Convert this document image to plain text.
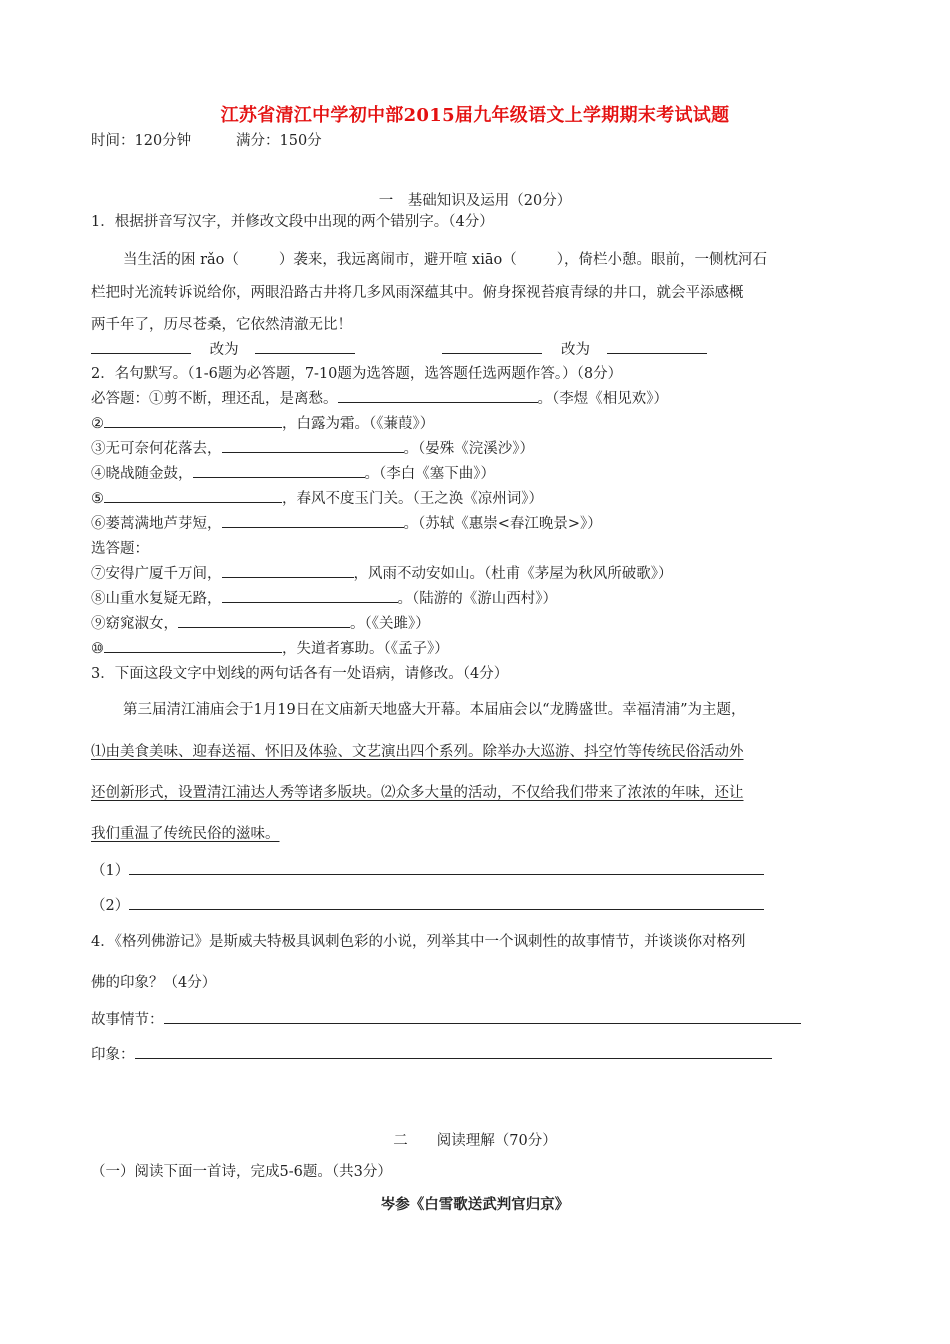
江苏省清江中学初中部2015届九年级语文上学期期末考试试题
时间：120分钟	满分：150分
一　基础知识及运用（20分）
1．根据拼音写汉字，并修改文段中出现的两个错别字。（4分）
当生活的困 rǎo（	）袭来，我远离闹市，避开喧 xiāo（	），倚栏小憩。眼前，一侧枕河石
栏把时光流转诉说给你，两眼沿路古井将几多风雨深蕴其中。俯身探视苔痕青绿的井口，就会平添感概
两千年了，历尽苍桑，它依然清澈无比！
改为	改为
2．名句默写。（1-6题为必答题，7-10题为选答题，选答题任选两题作答。）（8分）
必答题：①剪不断，理还乱，是离愁。	。（李煜《相见欢》）
②	，白露为霜。（《蒹葭》）
③无可奈何花落去，	。（晏殊《浣溪沙》）
④晓战随金鼓，	。（李白《塞下曲》）
⑤	，春风不度玉门关。（王之涣《凉州词》）
⑥蒌蒿满地芦芽短，	。（苏轼《惠崇<春江晚景>》）
选答题：
⑦安得广厦千万间，	，风雨不动安如山。（杜甫《茅屋为秋风所破歌》）
⑧山重水复疑无路，	。（陆游的《游山西村》）
⑨窈窕淑女，	。（《关雎》）
⑩	，失道者寡助。（《孟子》）
3．下面这段文字中划线的两句话各有一处语病，请修改。（4分）
第三届清江浦庙会于1月19日在文庙新天地盛大开幕。本届庙会以“龙腾盛世。幸福清浦”为主题，
⑴由美食美味、迎春送福、怀旧及体验、文艺演出四个系列。除举办大巡游、抖空竹等传统民俗活动外
还创新形式，设置清江浦达人秀等诸多版块。⑵众多大量的活动，不仅给我们带来了浓浓的年味，还让
我们重温了传统民俗的滋味。
（1）
（2）
4．《格列佛游记》是斯威夫特极具讽刺色彩的小说，列举其中一个讽刺性的故事情节，并谈谈你对格列
佛的印象？（4分）
故事情节：
印象：
二　　阅读理解（70分）
（一）阅读下面一首诗，完成5-6题。（共3分）
岑参《白雪歌送武判官归京》
